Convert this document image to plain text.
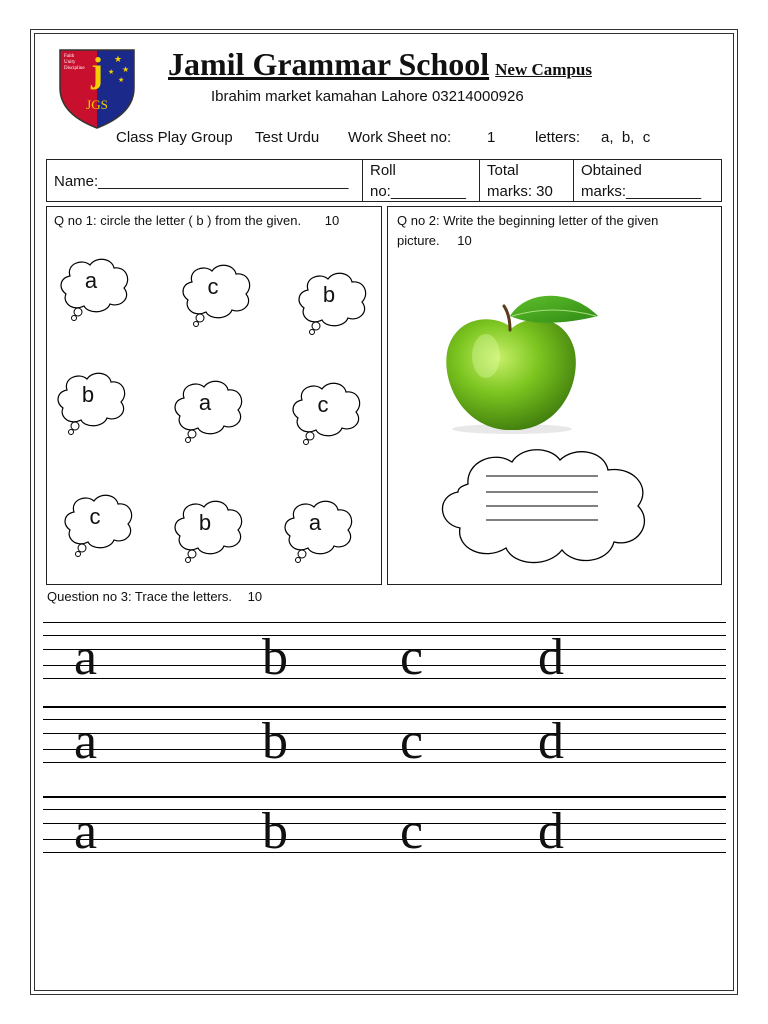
★
★
★
★
Faith
Unity
Discipline j
JGS
Jamil Grammar School New Campus
Ibrahim market kamahan Lahore 03214000926
Class Play Group Test Urdu Work Sheet no: 1	letters: a,  b,  c
Name:______________________________
Roll
no:_________
Total
marks: 30
Obtained
marks:_________
Q no 1: circle the letter ( b ) from the given. 10
a	c	b
b	a	c
c	b	a
Q no 2: Write the beginning letter of the given
picture. 10
Question no 3: Trace the letters. 10
a	b c d
a	b c d
a	b c d
